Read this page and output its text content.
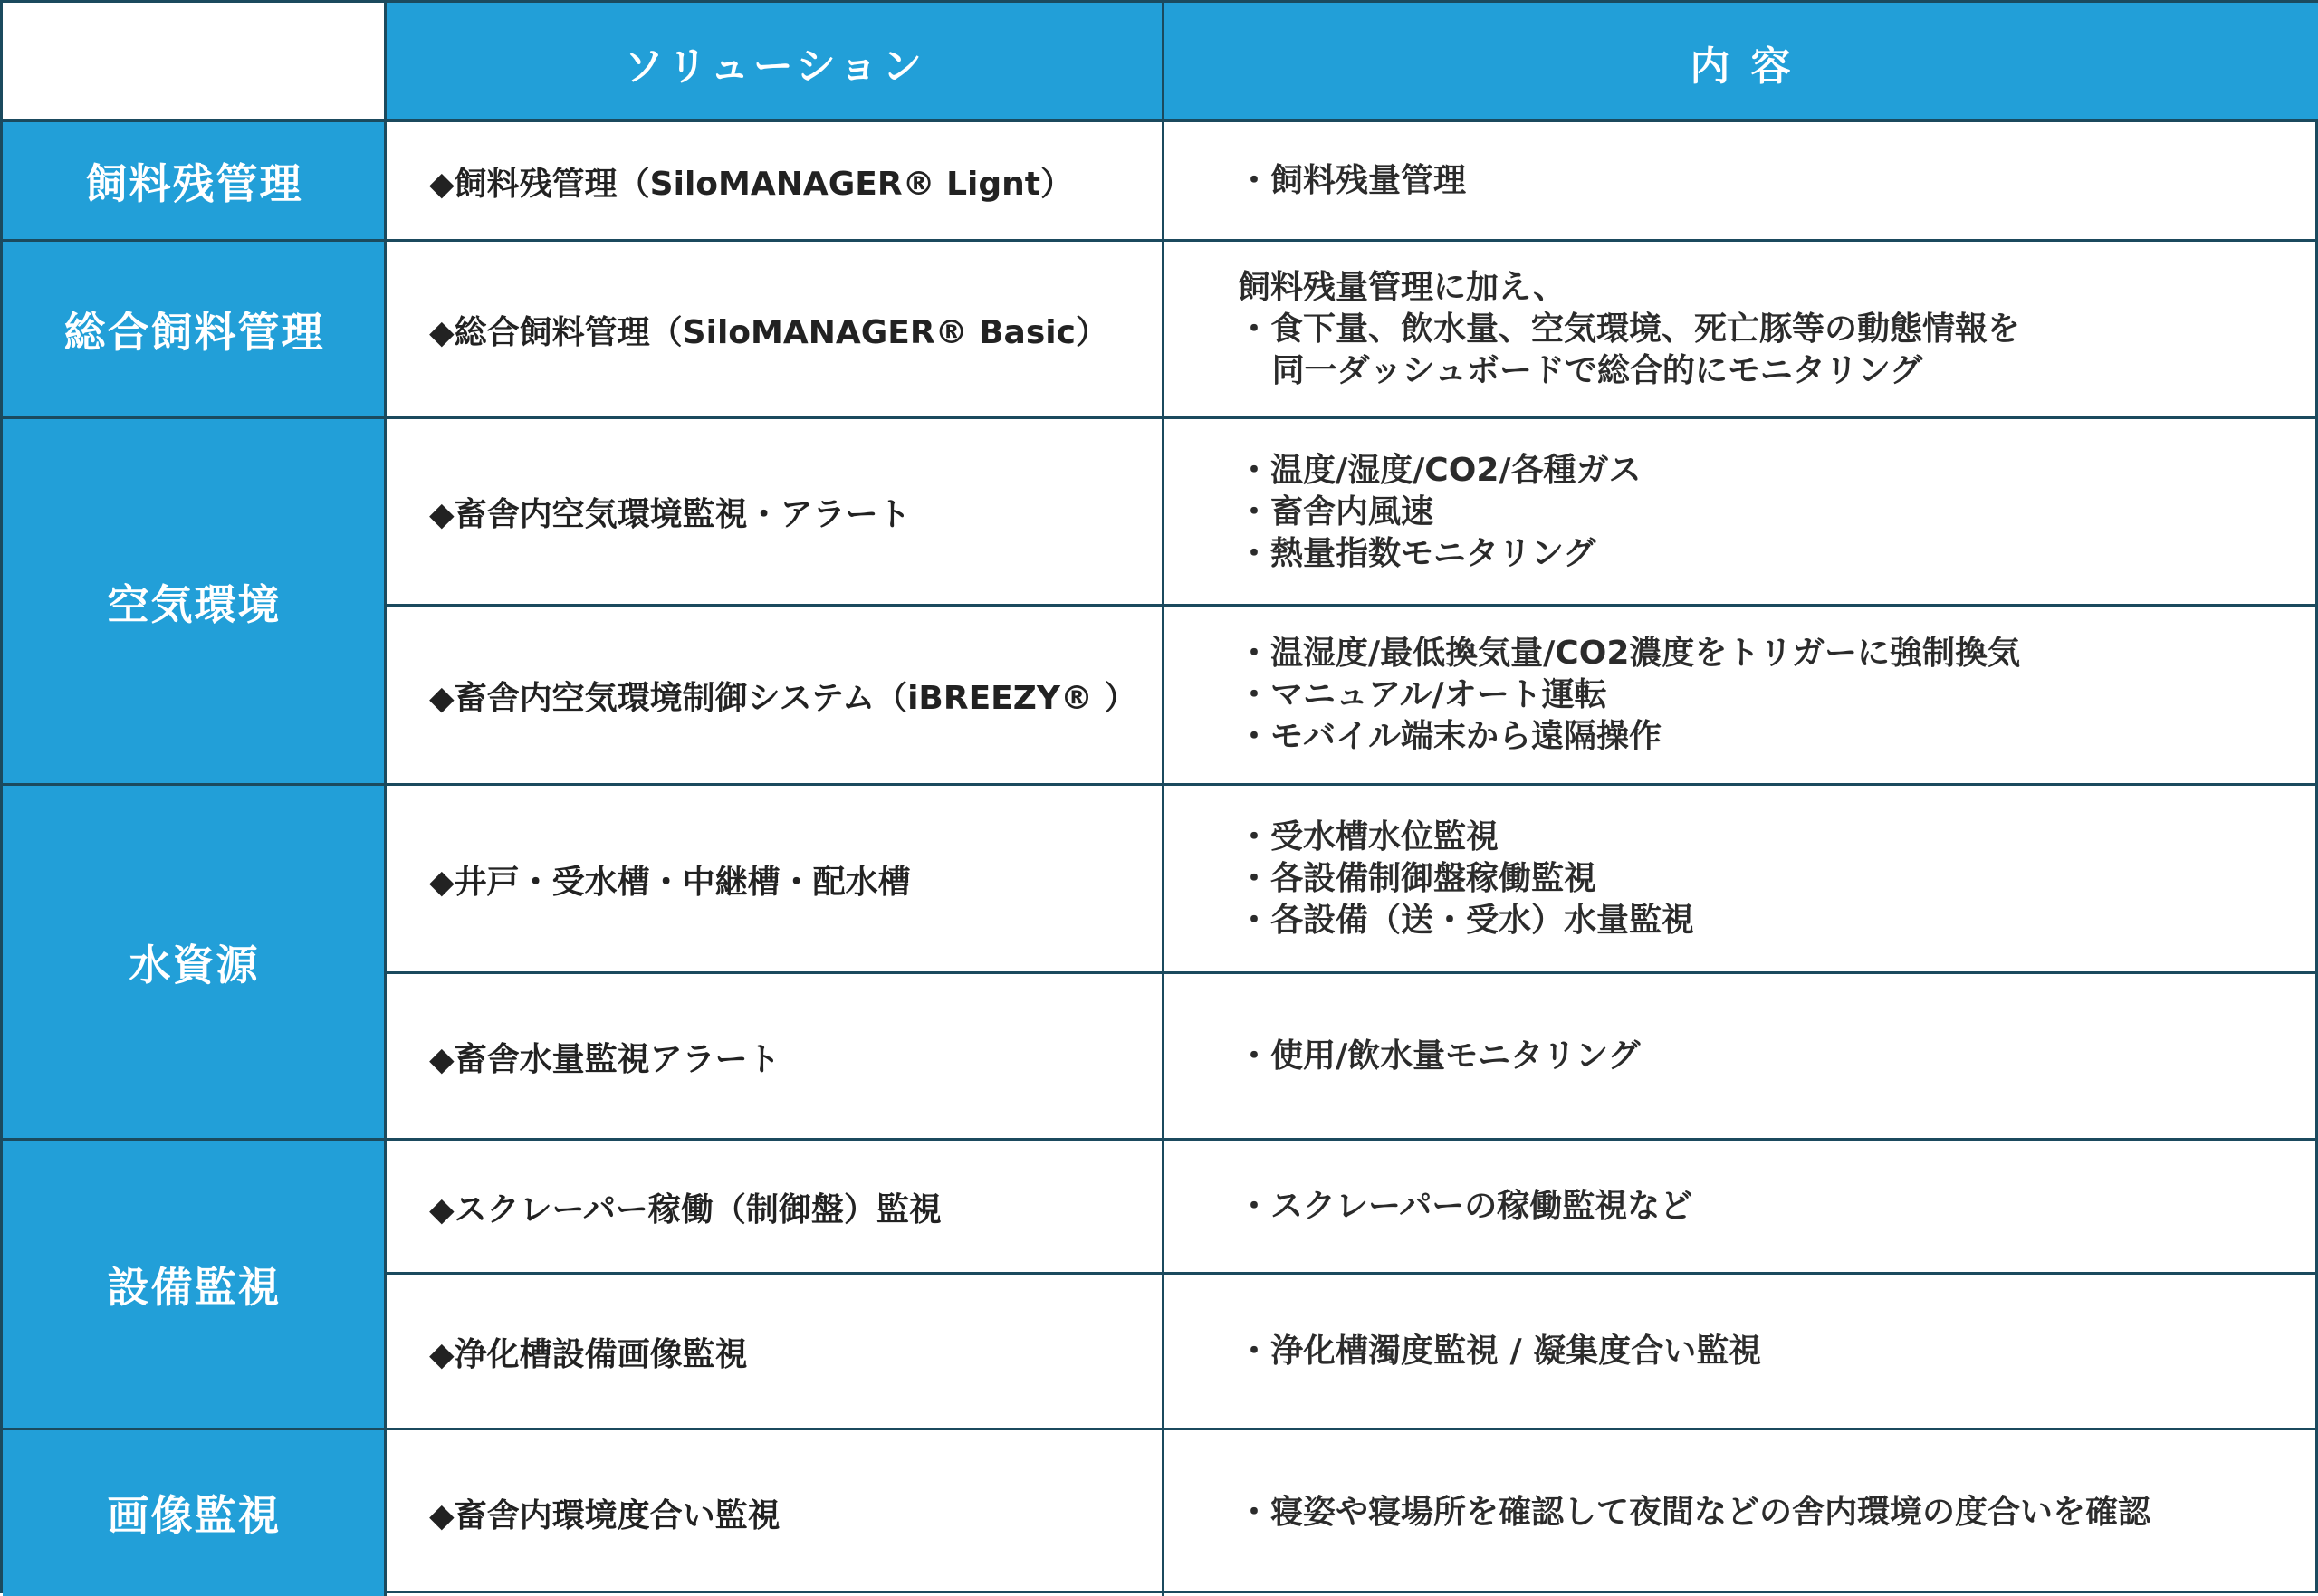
ソリューション	内 容
飼料残管理
総合飼料管理
空気環境
水資源
設備監視
画像監視
◆飼料残管理（SiloMANAGER® Lignt）
◆総合飼料管理（SiloMANAGER® Basic）
◆畜舎内空気環境監視・アラート
◆畜舎内空気環境制御システム（iBREEZY® ）
◆井戸・受水槽・中継槽・配水槽
◆畜舎水量監視アラート
◆スクレーパー稼働（制御盤）監視
◆浄化槽設備画像監視
◆畜舎内環境度合い監視
・飼料残量管理
飼料残量管理に加え、
・食下量、飲水量、空気環境、死亡豚等の動態情報を
同一ダッシュボードで総合的にモニタリング
・温度/湿度/CO2/各種ガス
・畜舎内風速
・熱量指数モニタリング
・温湿度/最低換気量/CO2濃度をトリガーに強制換気
・マニュアル/オート運転
・モバイル端末から遠隔操作
・受水槽水位監視
・各設備制御盤稼働監視
・各設備（送・受水）水量監視
・使用/飲水量モニタリング
・スクレーパーの稼働監視など
・浄化槽濁度監視 / 凝集度合い監視
・寝姿や寝場所を確認して夜間などの舎内環境の度合いを確認
